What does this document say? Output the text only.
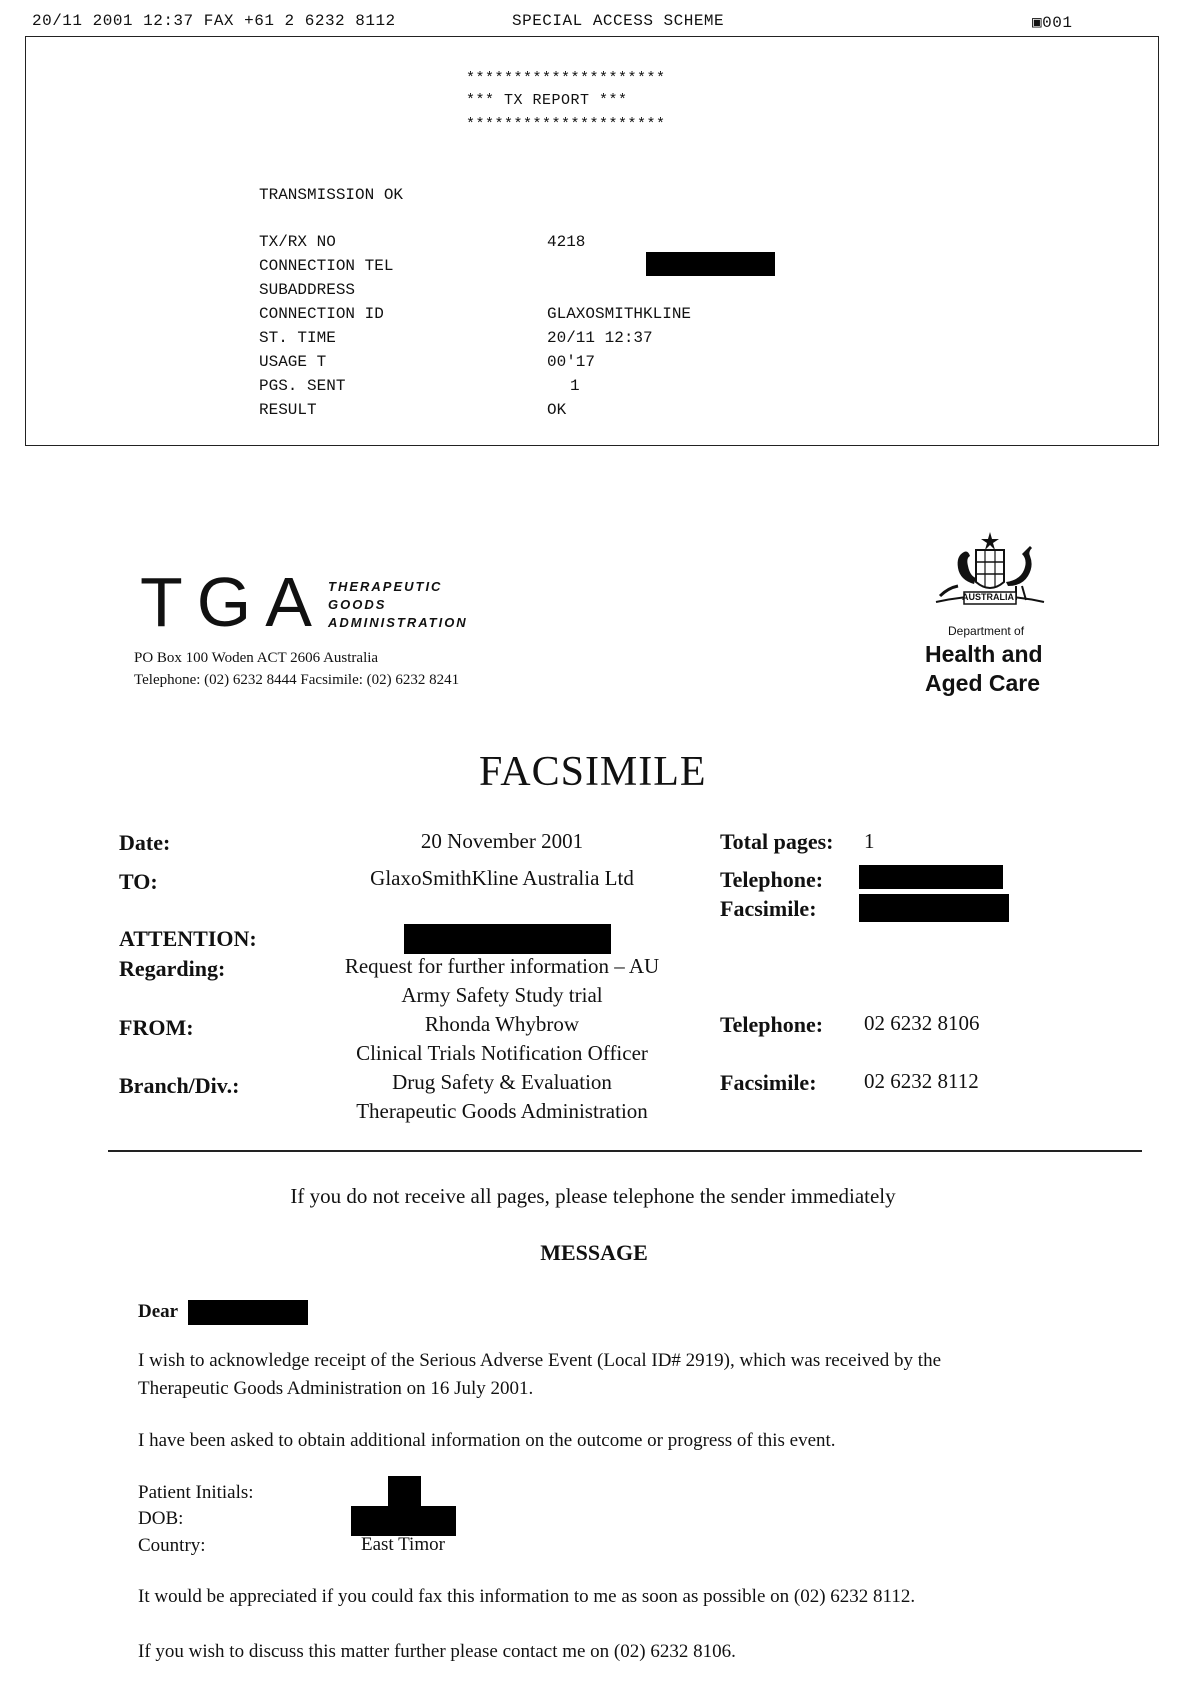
20/11 2001 12:37 FAX +61 2 6232 8112	SPECIAL ACCESS SCHEME	▣001
*********************
*** TX REPORT ***
*********************
TRANSMISSION OK
TX/RX NO	4218
CONNECTION TEL
SUBADDRESS
CONNECTION ID	GLAXOSMITHKLINE
ST. TIME	20/11 12:37
USAGE T	00'17
PGS. SENT	1
RESULT	OK
TGA THERAPEUTIC
GOODS
ADMINISTRATION
PO Box 100 Woden ACT 2606 Australia
Telephone: (02) 6232 8444 Facsimile: (02) 6232 8241
AUSTRALIA
Department of
Health and
Aged Care
FACSIMILE
Date:	20 November 2001	Total pages: 1
TO:	GlaxoSmithKline Australia Ltd	Telephone:
Facsimile:
ATTENTION:
Regarding:	Request for further information – AU
Army Safety Study trial
FROM:	Rhonda Whybrow	Telephone: 02 6232 8106
Clinical Trials Notification Officer
Branch/Div.:	Drug Safety & Evaluation	Facsimile: 02 6232 8112
Therapeutic Goods Administration
If you do not receive all pages, please telephone the sender immediately
MESSAGE
Dear
I wish to acknowledge receipt of the Serious Adverse Event (Local ID# 2919), which was received by the
Therapeutic Goods Administration on 16 July 2001.
I have been asked to obtain additional information on the outcome or progress of this event.
Patient Initials:
DOB:
Country:	East Timor
It would be appreciated if you could fax this information to me as soon as possible on (02) 6232 8112.
If you wish to discuss this matter further please contact me on (02) 6232 8106.
